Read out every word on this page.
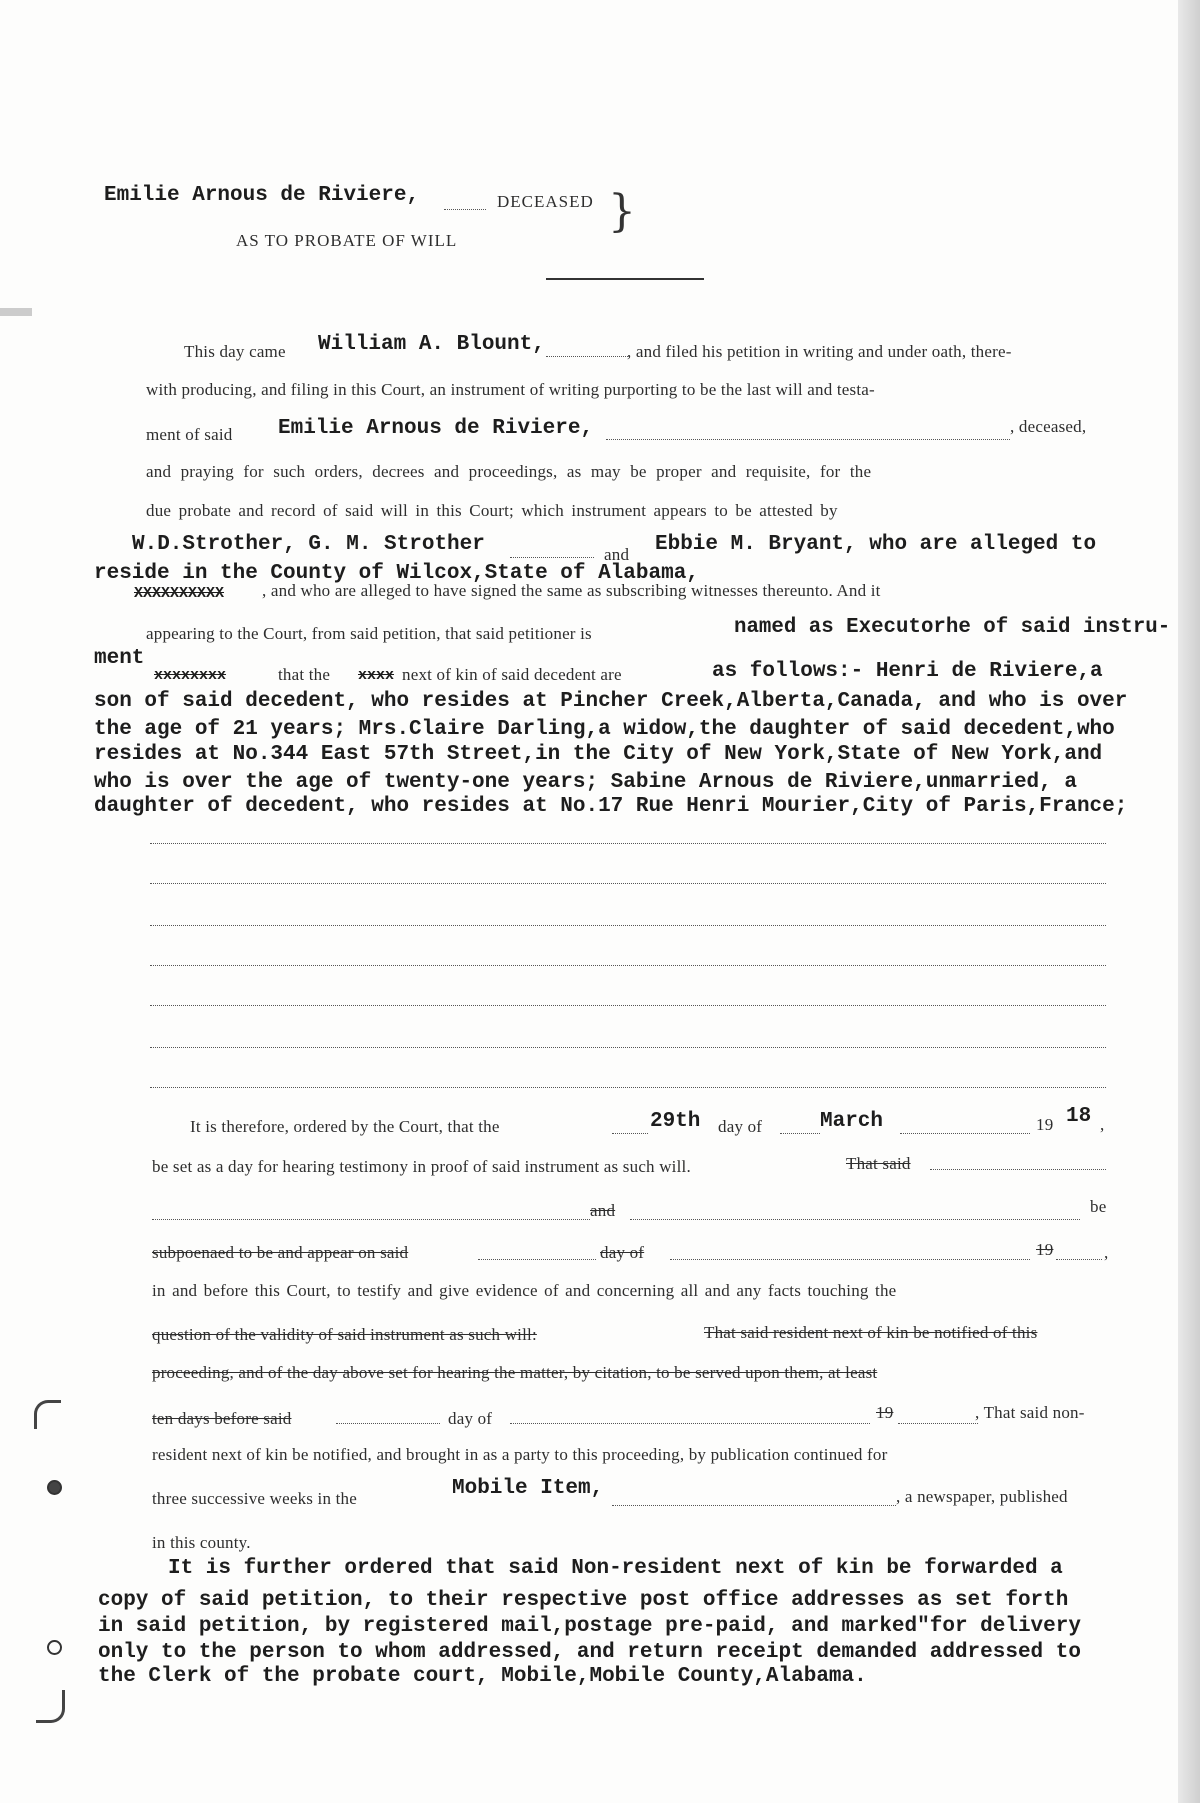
Emilie Arnous de Riviere,	DECEASED
AS TO PROBATE OF WILL
}
This day came William A. Blount,	, and filed his petition in writing and under oath, there-
with producing, and filing in this Court, an instrument of writing purporting to be the last will and testa-
ment of said Emilie Arnous de Riviere,	, deceased,
and praying for such orders, decrees and proceedings, as may be proper and requisite, for the
due probate and record of said will in this Court; which instrument appears to be attested by
W.D.Strother, G. M. Strother	and Ebbie M. Bryant, who are alleged to
reside in the County of Wilcox,State of Alabama,
XXXXXXXXXX , and who are alleged to have signed the same as subscribing witnesses thereunto. And it
appearing to the Court, from said petition, that said petitioner is	named as Executorhe of said instru-
ment
xxxxxxxx	that the xxxx next of kin of said decedent are	as follows:- Henri de Riviere,a
son of said decedent, who resides at Pincher Creek,Alberta,Canada, and who is over
the age of 21 years; Mrs.Claire Darling,a widow,the daughter of said decedent,who
resides at No.344 East 57th Street,in the City of New York,State of New York,and
who is over the age of twenty-one years; Sabine Arnous de Riviere,unmarried, a
daughter of decedent, who resides at No.17 Rue Henri Mourier,City of Paris,France;
It is therefore, ordered by the Court, that the	29th day of	March	19 18 ,
be set as a day for hearing testimony in proof of said instrument as such will.	That said
and	be
subpoenaed to be and appear on said	day of	19	,
in and before this Court, to testify and give evidence of and concerning all and any facts touching the
question of the validity of said instrument as such will:	That said resident next of kin be notified of this
proceeding, and of the day above set for hearing the matter, by citation, to be served upon them, at least
ten days before said	day of	19	, That said non-
resident next of kin be notified, and brought in as a party to this proceeding, by publication continued for
three successive weeks in the	Mobile Item,	, a newspaper, published
in this county.
It is further ordered that said Non-resident next of kin be forwarded a
copy of said petition, to their respective post office addresses as set forth
in said petition, by registered mail,postage pre-paid, and marked"for delivery
only to the person to whom addressed, and return receipt demanded addressed to
the Clerk of the probate court, Mobile,Mobile County,Alabama.
